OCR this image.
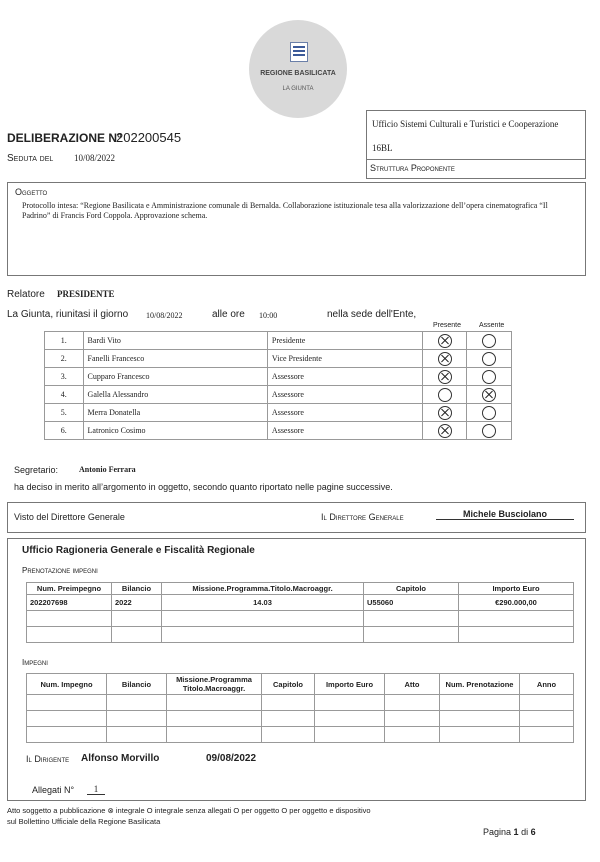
REGIONE BASILICATA
LA GIUNTA
DELIBERAZIONE N°
202200545
Seduta del 10/08/2022
Ufficio Sistemi Culturali e Turistici e Cooperazione
16BL
Struttura Proponente
Oggetto
Protocollo intesa: “Regione Basilicata e Amministrazione comunale di Bernalda. Collaborazione istituzionale tesa alla valorizzazione dell’opera cinematografica “Il Padrino” di Francis Ford Coppola. Approvazione schema.
Relatore PRESIDENTE
La Giunta, riunitasi il giorno 10/08/2022	alle ore 10:00	nella sede dell'Ente,
Presente	Assente
1.	Bardi Vito	Presidente		
2.	Fanelli Francesco	Vice Presidente		
3.	Cupparo Francesco	Assessore		
4.	Galella Alessandro	Assessore		
5.	Merra Donatella	Assessore		
6.	Latronico Cosimo	Assessore		
Segretario:	Antonio Ferrara
ha deciso in merito all’argomento in oggetto, secondo quanto riportato nelle pagine successive.
Visto del Direttore Generale	Il Direttore Generale	Michele Busciolano
Ufficio Ragioneria Generale e Fiscalità Regionale
Prenotazione impegni
Num. Preimpegno	Bilancio	Missione.Programma.Titolo.Macroaggr.	Capitolo	Importo Euro
202207698	2022	14.03	U55060	€290.000,00

Impegni
Num. Impegno	Bilancio	Missione.Programma Titolo.Macroaggr.	Capitolo	Importo Euro	Atto	Num. Prenotazione	Anno

Il Dirigente Alfonso Morvillo	09/08/2022
Allegati N°	1
Atto soggetto a pubblicazione ⊗ integrale O integrale senza allegati O per oggetto O per oggetto e dispositivo
sul Bollettino Ufficiale della Regione Basilicata
Pagina 1 di 6
